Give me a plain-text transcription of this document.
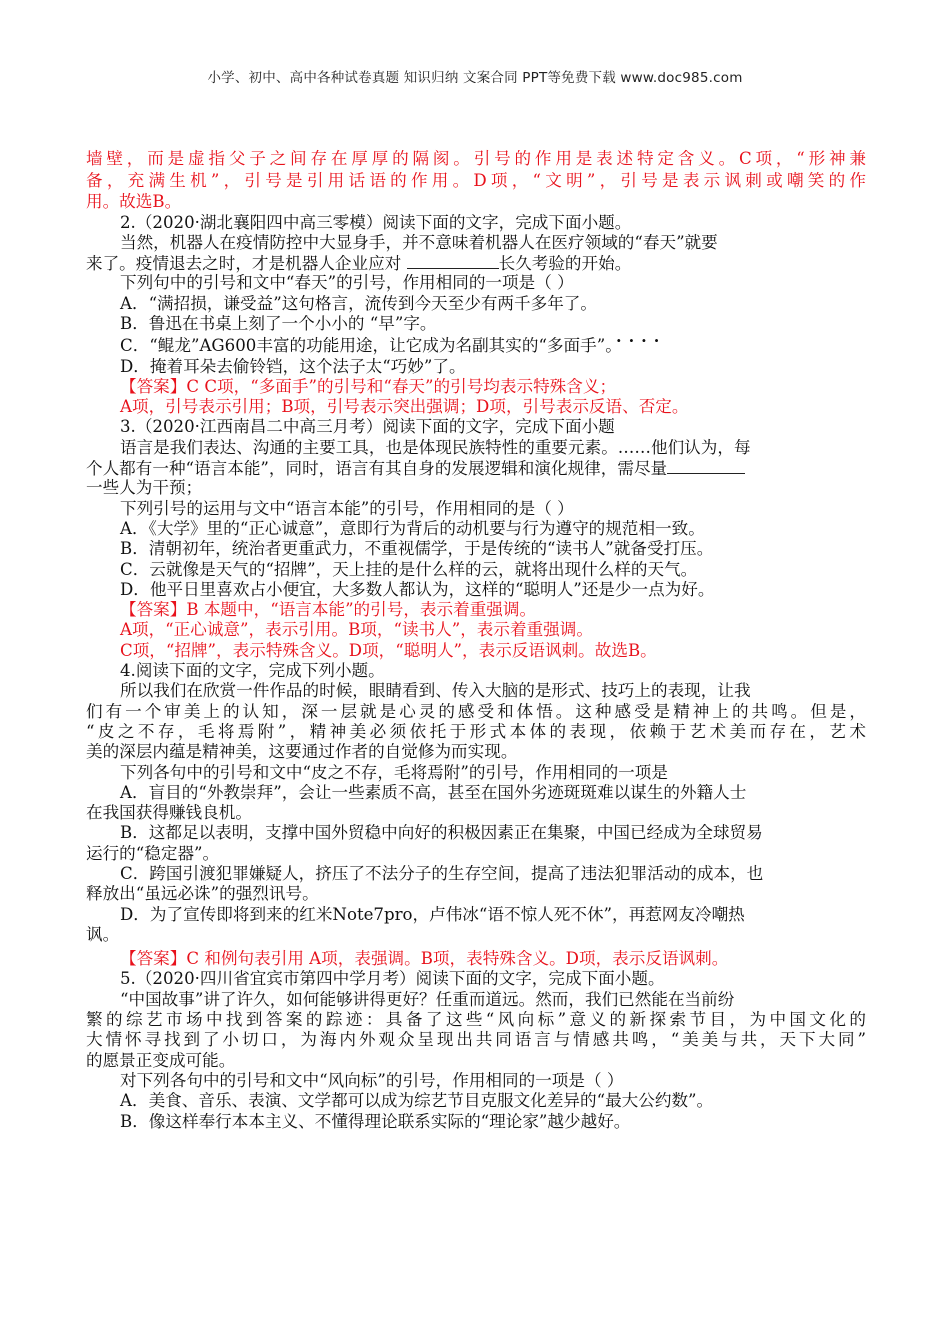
小学、初中、高中各种试卷真题 知识归纳 文案合同 PPT等免费下载 www.doc985.com
墙壁，而是虚指父子之间存在厚厚的隔阂。引号的作用是表述特定含义。C项，“形神兼
备，充满生机”，引号是引用话语的作用。D项，“文明”，引号是表示讽刺或嘲笑的作
用。故选B。
2.（2020·湖北襄阳四中高三零模）阅读下面的文字，完成下面小题。
当然，机器人在疫情防控中大显身手，并不意味着机器人在医疗领域的“春天”就要
来了。疫情退去之时，才是机器人企业应对	长久考验的开始。
下列句中的引号和文中“春天”的引号，作用相同的一项是（ ）
A．“满招损，谦受益”这句格言，流传到今天至少有两千多年了。
B．鲁迅在书桌上刻了一个小小的 “早”字。
....
C．“鲲龙”AG600丰富的功能用途，让它成为名副其实的“多面手”。
D．掩着耳朵去偷铃铛，这个法子太“巧妙”了。
【答案】C C项，“多面手”的引号和“春天”的引号均表示特殊含义；
A项，引号表示引用；B项，引号表示突出强调；D项，引号表示反语、否定。
3.（2020·江西南昌二中高三月考）阅读下面的文字，完成下面小题
语言是我们表达、沟通的主要工具，也是体现民族特性的重要元素。……他们认为，每
个人都有一种“语言本能”，同时，语言有其自身的发展逻辑和演化规律，需尽量
一些人为干预；
下列引号的运用与文中“语言本能”的引号，作用相同的是（ ）
A．《大学》里的“正心诚意”，意即行为背后的动机要与行为遵守的规范相一致。
B．清朝初年，统治者更重武力，不重视儒学，于是传统的“读书人”就备受打压。
C．云就像是天气的“招牌”，天上挂的是什么样的云，就将出现什么样的天气。
D．他平日里喜欢占小便宜，大多数人都认为，这样的“聪明人”还是少一点为好。
【答案】B 本题中，“语言本能”的引号，表示着重强调。
A项，“正心诚意”，表示引用。B项，“读书人”，表示着重强调。
C项，“招牌”，表示特殊含义。D项，“聪明人”，表示反语讽刺。故选B。
4.阅读下面的文字，完成下列小题。
所以我们在欣赏一件作品的时候，眼睛看到、传入大脑的是形式、技巧上的表现，让我
们有一个审美上的认知，深一层就是心灵的感受和体悟。这种感受是精神上的共鸣。但是，
“皮之不存，毛将焉附”，精神美必须依托于形式本体的表现，依赖于艺术美而存在，艺术
美的深层内蕴是精神美，这要通过作者的自觉修为而实现。
下列各句中的引号和文中“皮之不存，毛将焉附”的引号，作用相同的一项是
A．盲目的“外教崇拜”，会让一些素质不高，甚至在国外劣迹斑斑难以谋生的外籍人士
在我国获得赚钱良机。
B．这都足以表明，支撑中国外贸稳中向好的积极因素正在集聚，中国已经成为全球贸易
运行的“稳定器”。
C．跨国引渡犯罪嫌疑人，挤压了不法分子的生存空间，提高了违法犯罪活动的成本，也
释放出“虽远必诛”的强烈讯号。
D．为了宣传即将到来的红米Note7pro，卢伟冰“语不惊人死不休”，再惹网友冷嘲热
讽。
【答案】C 和例句表引用 A项，表强调。B项，表特殊含义。D项，表示反语讽刺。
5.（2020·四川省宜宾市第四中学月考）阅读下面的文字，完成下面小题。
“中国故事”讲了许久，如何能够讲得更好？任重而道远。然而，我们已然能在当前纷
繁的综艺市场中找到答案的踪迹：具备了这些“风向标”意义的新探索节目，为中国文化的
大情怀寻找到了小切口，为海内外观众呈现出共同语言与情感共鸣，“美美与共，天下大同”
的愿景正变成可能。
对下列各句中的引号和文中“风向标”的引号，作用相同的一项是（ ）
A．美食、音乐、表演、文学都可以成为综艺节目克服文化差异的“最大公约数”。
B．像这样奉行本本主义、不懂得理论联系实际的“理论家”越少越好。
